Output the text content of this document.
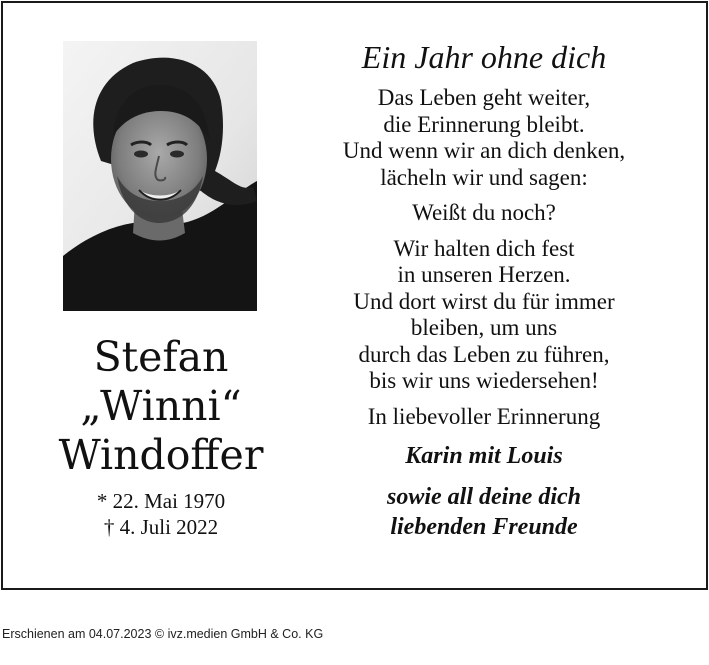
Stefan
„Winni“
Windoffer
* 22. Mai 1970
† 4. Juli 2022
Ein Jahr ohne dich
Das Leben geht weiter,
die Erinnerung bleibt.
Und wenn wir an dich denken,
lächeln wir und sagen:
Weißt du noch?
Wir halten dich fest
in unseren Herzen.
Und dort wirst du für immer
bleiben, um uns
durch das Leben zu führen,
bis wir uns wiedersehen!
In liebevoller Erinnerung
Karin mit Louis
sowie all deine dich
liebenden Freunde
Erschienen am 04.07.2023 © ivz.medien GmbH & Co. KG
